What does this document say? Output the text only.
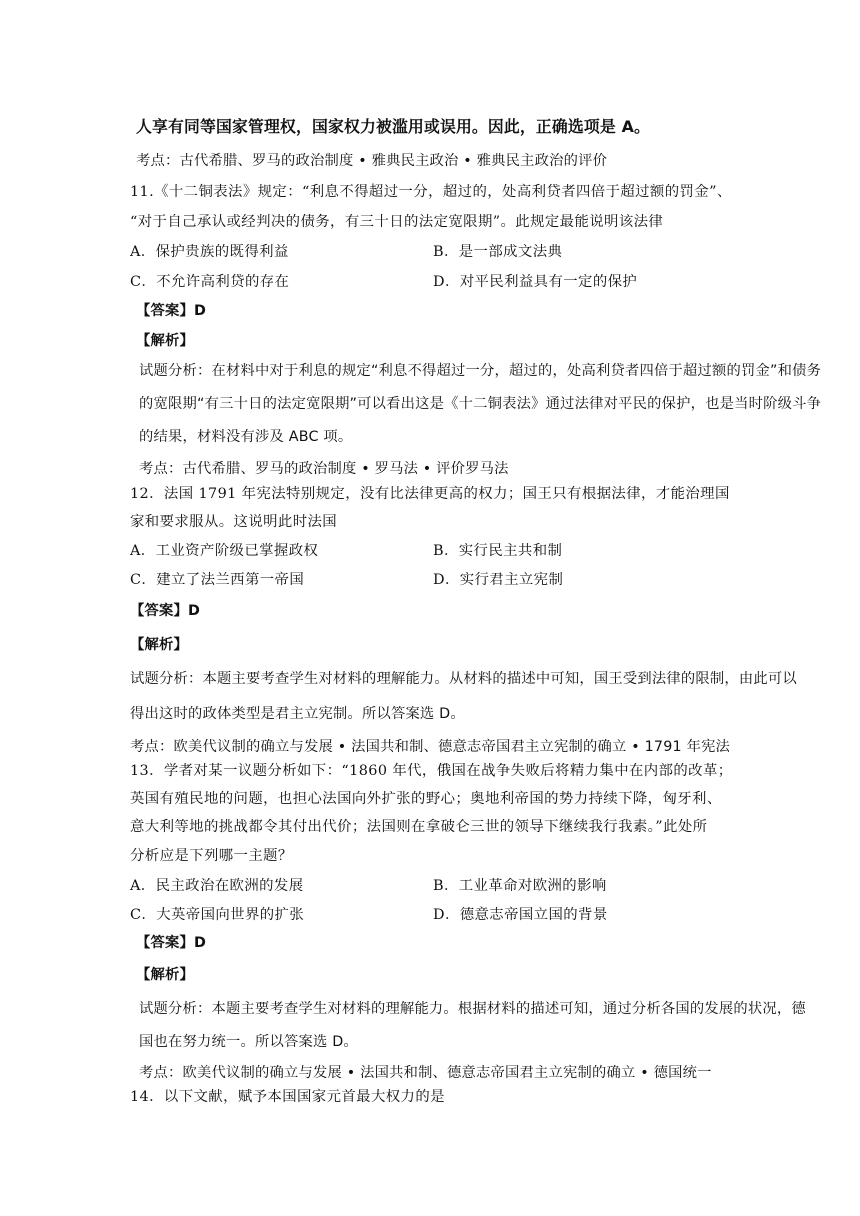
人享有同等国家管理权，国家权力被滥用或误用。因此，正确选项是 A。
考点：古代希腊、罗马的政治制度 • 雅典民主政治 • 雅典民主政治的评价
11.《十二铜表法》规定：“利息不得超过一分，超过的，处高利贷者四倍于超过额的罚金”、
“对于自己承认或经判决的债务，有三十日的法定宽限期”。此规定最能说明该法律
A．保护贵族的既得利益	B．是一部成文法典
C．不允许高利贷的存在	D．对平民利益具有一定的保护
【答案】D
【解析】
试题分析：在材料中对于利息的规定“利息不得超过一分，超过的，处高利贷者四倍于超过额的罚金”和债务
的宽限期“有三十日的法定宽限期”可以看出这是《十二铜表法》通过法律对平民的保护，也是当时阶级斗争
的结果，材料没有涉及 ABC 项。
考点：古代希腊、罗马的政治制度 • 罗马法 • 评价罗马法
12．法国 1791 年宪法特别规定，没有比法律更高的权力；国王只有根据法律，才能治理国
家和要求服从。这说明此时法国
A．工业资产阶级已掌握政权	B．实行民主共和制
C．建立了法兰西第一帝国	D．实行君主立宪制
【答案】D
【解析】
试题分析：本题主要考查学生对材料的理解能力。从材料的描述中可知，国王受到法律的限制，由此可以
得出这时的政体类型是君主立宪制。所以答案选 D。
考点：欧美代议制的确立与发展 • 法国共和制、德意志帝国君主立宪制的确立 • 1791 年宪法
13．学者对某一议题分析如下：“1860 年代，俄国在战争失败后将精力集中在内部的改革；
英国有殖民地的问题，也担心法国向外扩张的野心；奥地利帝国的势力持续下降，匈牙利、
意大利等地的挑战都令其付出代价；法国则在拿破仑三世的领导下继续我行我素。”此处所
分析应是下列哪一主题？
A．民主政治在欧洲的发展	B．工业革命对欧洲的影响
C．大英帝国向世界的扩张	D．德意志帝国立国的背景
【答案】D
【解析】
试题分析：本题主要考查学生对材料的理解能力。根据材料的描述可知，通过分析各国的发展的状况，德
国也在努力统一。所以答案选 D。
考点：欧美代议制的确立与发展 • 法国共和制、德意志帝国君主立宪制的确立 • 德国统一
14．以下文献，赋予本国国家元首最大权力的是
